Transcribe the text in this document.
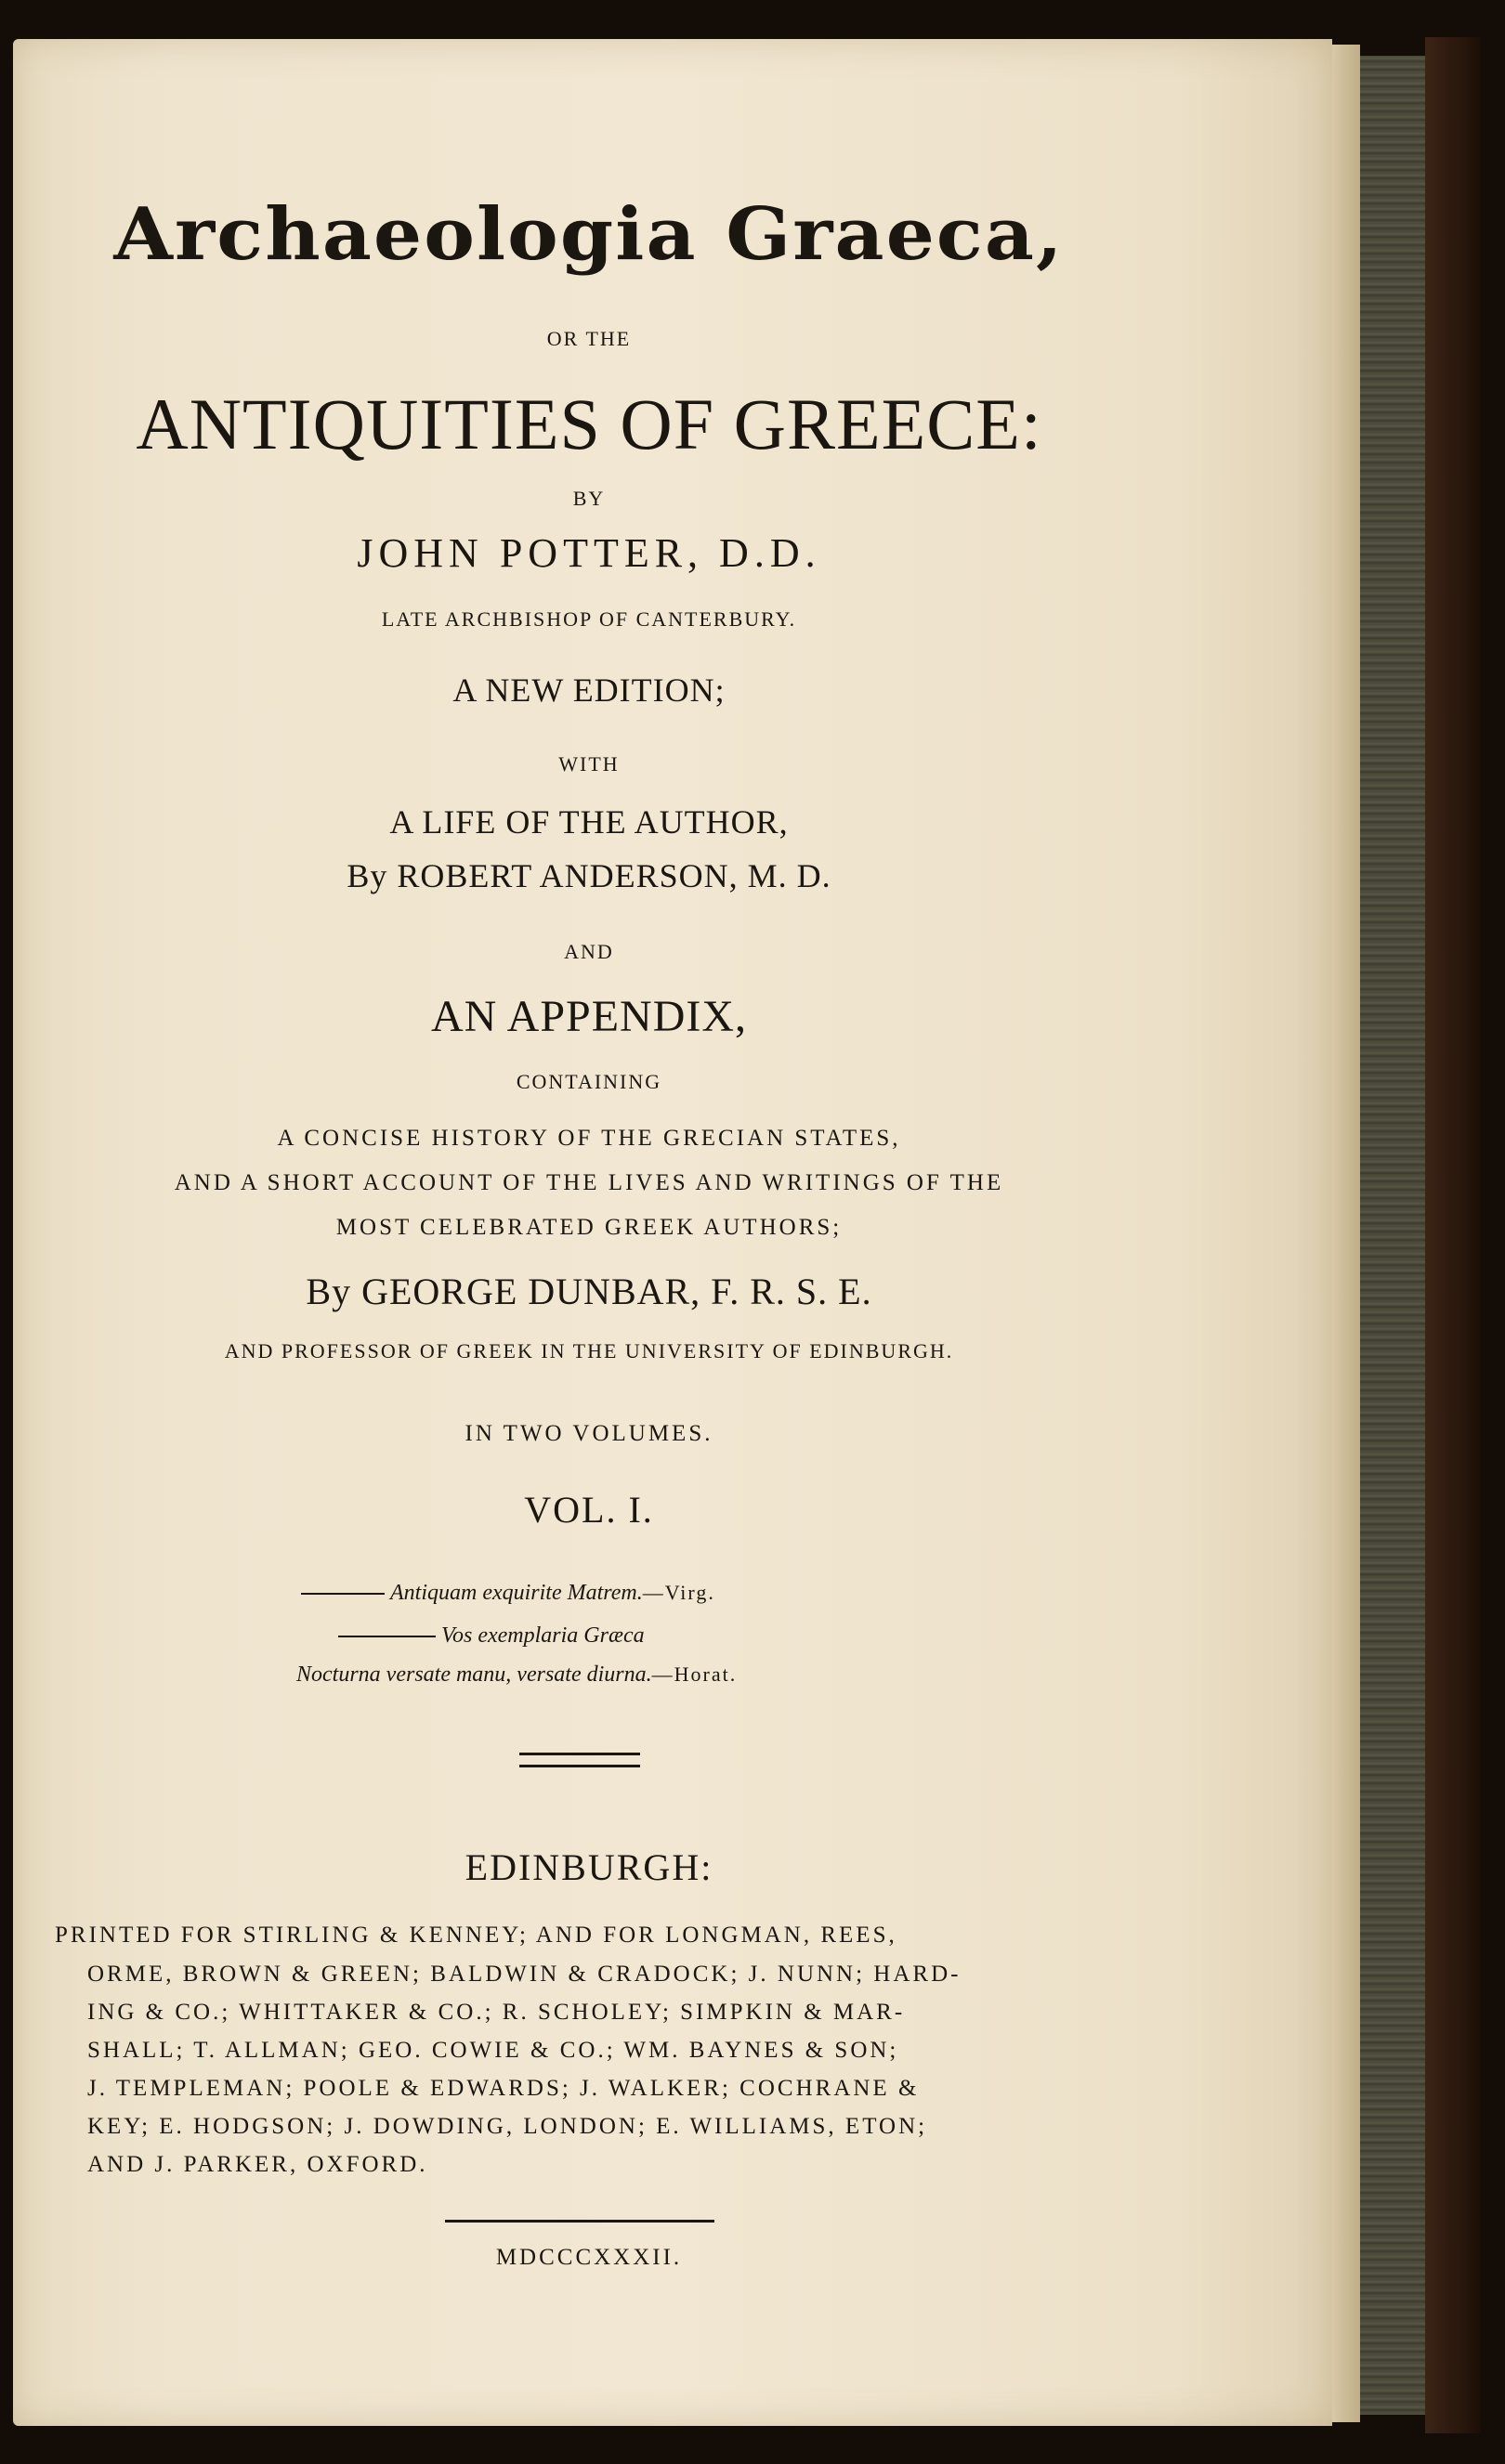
Archaeologia Graeca,
OR THE
ANTIQUITIES OF GREECE:
BY
JOHN POTTER, D.D.
LATE ARCHBISHOP OF CANTERBURY.
A NEW EDITION;
WITH
A LIFE OF THE AUTHOR,
By ROBERT ANDERSON, M. D.
AND
AN APPENDIX,
CONTAINING
A CONCISE HISTORY OF THE GRECIAN STATES,
AND A SHORT ACCOUNT OF THE LIVES AND WRITINGS OF THE
MOST CELEBRATED GREEK AUTHORS;
By GEORGE DUNBAR, F. R. S. E.
AND PROFESSOR OF GREEK IN THE UNIVERSITY OF EDINBURGH.
IN TWO VOLUMES.
VOL. I.
Antiquam exquirite Matrem.—Virg.
Vos exemplaria Græca
Nocturna versate manu, versate diurna.—Horat.
EDINBURGH:
PRINTED FOR STIRLING & KENNEY; AND FOR LONGMAN, REES,
ORME, BROWN & GREEN; BALDWIN & CRADOCK; J. NUNN; HARD-
ING & CO.; WHITTAKER & CO.; R. SCHOLEY; SIMPKIN & MAR-
SHALL; T. ALLMAN; GEO. COWIE & CO.; WM. BAYNES & SON;
J. TEMPLEMAN; POOLE & EDWARDS; J. WALKER; COCHRANE &
KEY; E. HODGSON; J. DOWDING, LONDON; E. WILLIAMS, ETON;
AND J. PARKER, OXFORD.
MDCCCXXXII.
